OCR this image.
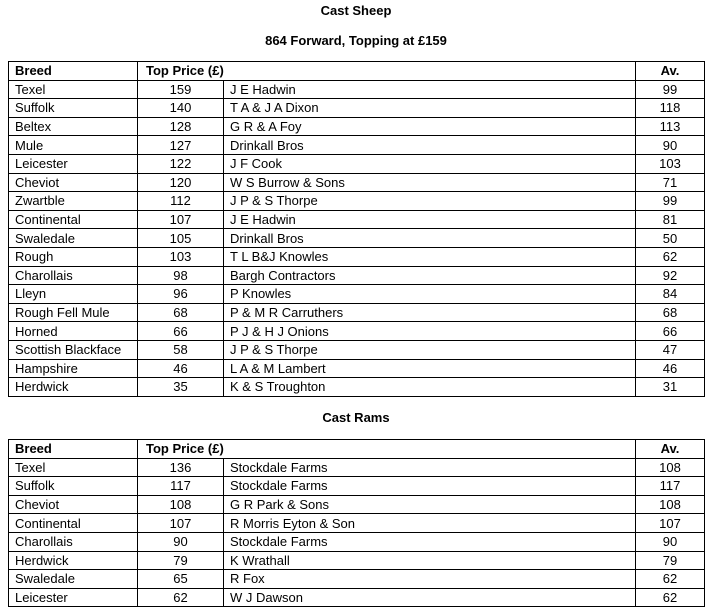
Cast Sheep
864 Forward, Topping at £159
Breed	Top Price (£)		Av.
Texel	159	J E Hadwin	99
Suffolk	140	T A & J A Dixon	118
Beltex	128	G R & A Foy	113
Mule	127	Drinkall Bros	90
Leicester	122	J F Cook	103
Cheviot	120	W S Burrow & Sons	71
Zwartble	112	J P & S Thorpe	99
Continental	107	J E Hadwin	81
Swaledale	105	Drinkall Bros	50
Rough	103	T L B&J Knowles	62
Charollais	98	Bargh Contractors	92
Lleyn	96	P Knowles	84
Rough Fell Mule	68	P & M R Carruthers	68
Horned	66	P J & H J Onions	66
Scottish Blackface	58	J P & S Thorpe	47
Hampshire	46	L A & M Lambert	46
Herdwick	35	K & S Troughton	31
Cast Rams
Breed	Top Price (£)		Av.
Texel	136	Stockdale Farms	108
Suffolk	117	Stockdale Farms	117
Cheviot	108	G R Park & Sons	108
Continental	107	R Morris Eyton & Son	107
Charollais	90	Stockdale Farms	90
Herdwick	79	K Wrathall	79
Swaledale	65	R Fox	62
Leicester	62	W J Dawson	62
